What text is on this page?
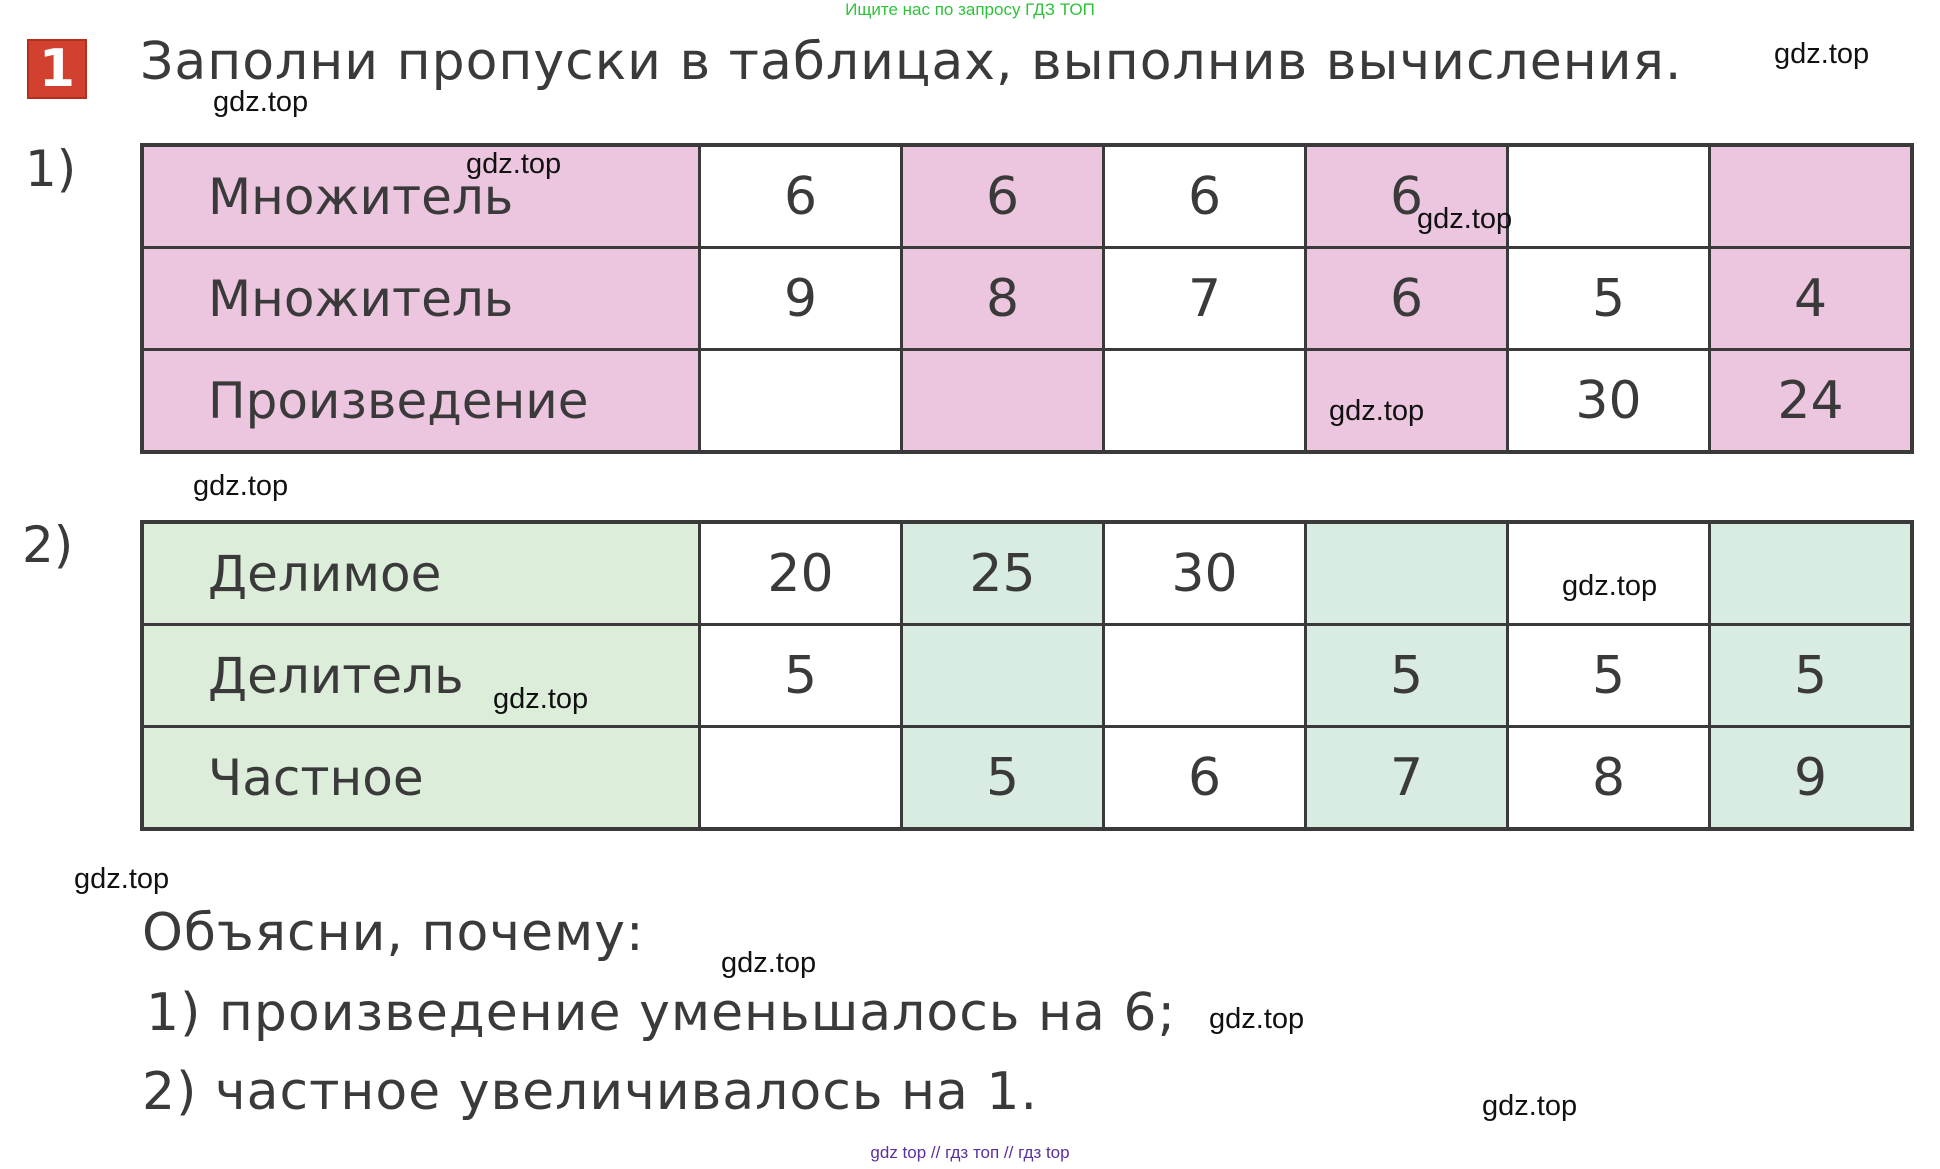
Ищите нас по запросу ГДЗ ТОП
1 Заполни пропуски в таблицах, выполнив вычисления.
1)	Множитель	6	6	6	6		
Множитель	9	8	7	6	5	4
Произведение					30	24
2)	Делимое	20	25	30			
Делитель	5			5	5	5
Частное		5	6	7	8	9
Объясни, почему:
1) произведение уменьшалось на 6;
2) частное увеличивалось на 1.
gdz.top
gdz.top
gdz.top
gdz.top
gdz.top
gdz.top
gdz.top
gdz.top
gdz.top
gdz.top
gdz.top
gdz.top
gdz top // гдз топ // гдз top
